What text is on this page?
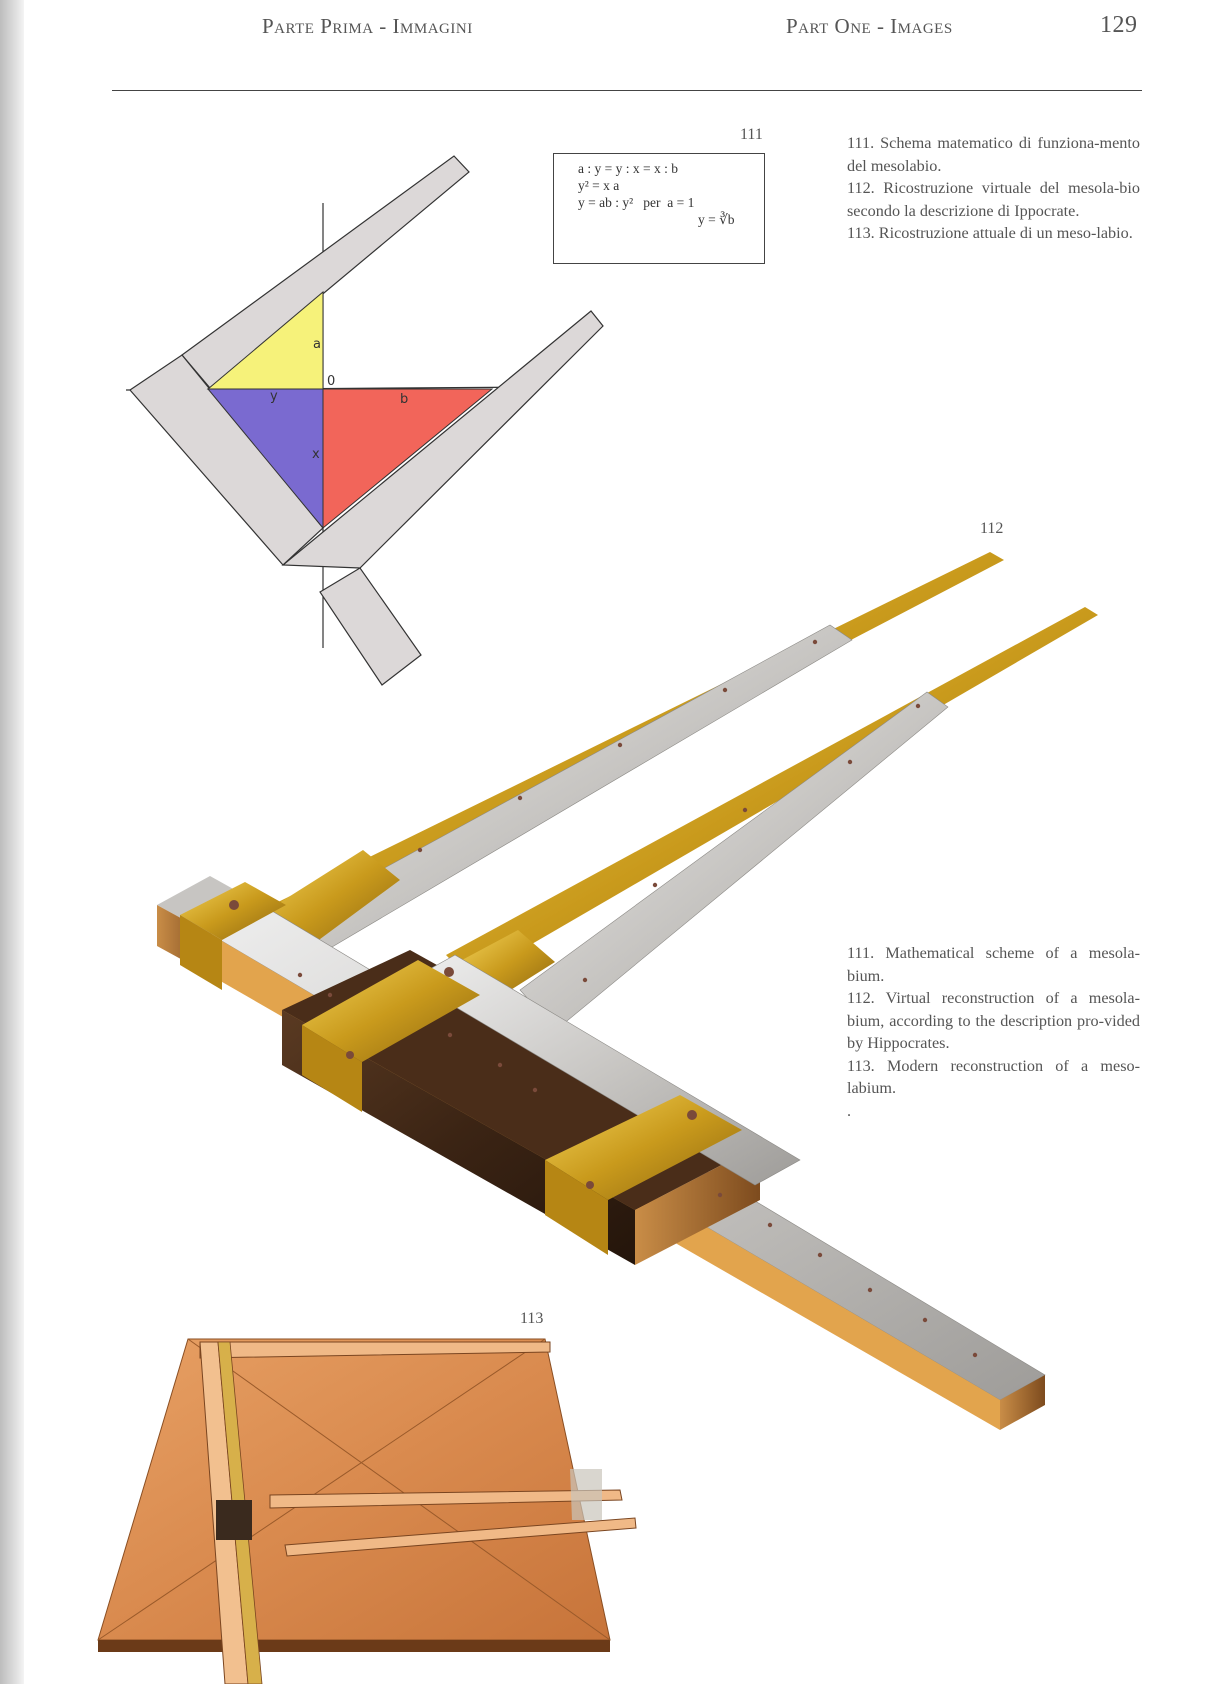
Parte Prima - Immagini	Part One - Images	129
a
0
y	b
x
111
a : y = y : x = x : b
y² = x a
y = ab : y²   per  a = 1
y = ∛b

111. Schema matematico di funziona-mento del mesolabio.

112. Ricostruzione virtuale del mesola-bio secondo la descrizione di Ippocrate.

113. Ricostruzione attuale di un meso-labio.

112

111. Mathematical scheme of a mesola-bium.

112. Virtual reconstruction of a mesola-bium, according to the description pro-vided by Hippocrates.

113. Modern reconstruction of a meso-labium.

.

113
